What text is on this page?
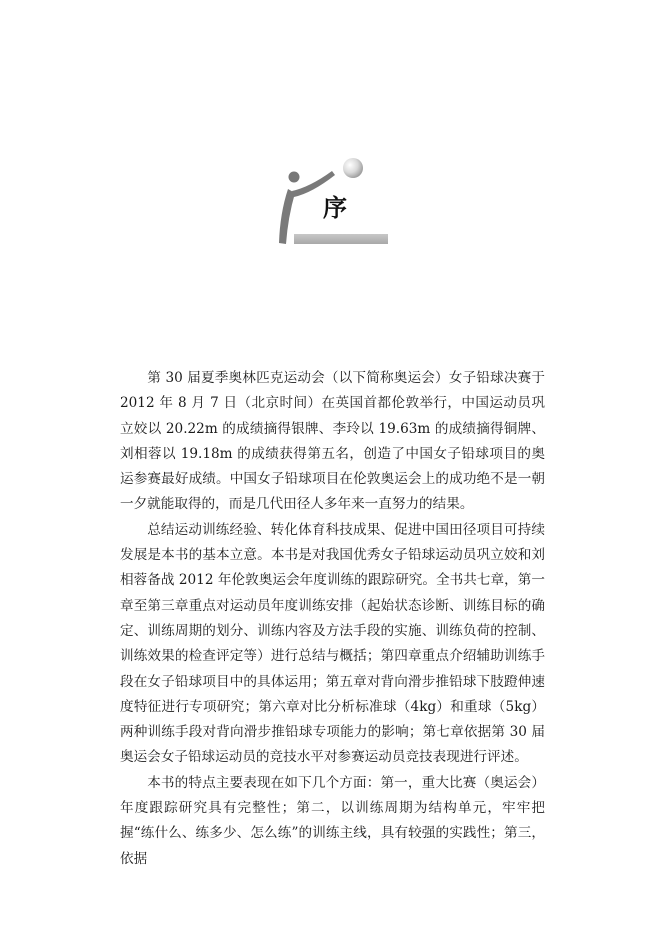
序

第 30 届夏季奥林匹克运动会（以下简称奥运会）女子铅球决赛于 2012 年 8 月 7 日（北京时间）在英国首都伦敦举行，中国运动员巩立姣以 20.22m 的成绩摘得银牌、李玲以 19.63m 的成绩摘得铜牌、刘相蓉以 19.18m 的成绩获得第五名，创造了中国女子铅球项目的奥运参赛最好成绩。中国女子铅球项目在伦敦奥运会上的成功绝不是一朝一夕就能取得的，而是几代田径人多年来一直努力的结果。

总结运动训练经验、转化体育科技成果、促进中国田径项目可持续发展是本书的基本立意。本书是对我国优秀女子铅球运动员巩立姣和刘相蓉备战 2012 年伦敦奥运会年度训练的跟踪研究。全书共七章，第一章至第三章重点对运动员年度训练安排（起始状态诊断、训练目标的确定、训练周期的划分、训练内容及方法手段的实施、训练负荷的控制、训练效果的检查评定等）进行总结与概括；第四章重点介绍辅助训练手段在女子铅球项目中的具体运用；第五章对背向滑步推铅球下肢蹬伸速度特征进行专项研究；第六章对比分析标准球（4kg）和重球（5kg）两种训练手段对背向滑步推铅球专项能力的影响；第七章依据第 30 届奥运会女子铅球运动员的竞技水平对参赛运动员竞技表现进行评述。

本书的特点主要表现在如下几个方面：第一，重大比赛（奥运会）年度跟踪研究具有完整性；第二，以训练周期为结构单元，牢牢把握“练什么、练多少、怎么练”的训练主线，具有较强的实践性；第三，依据
